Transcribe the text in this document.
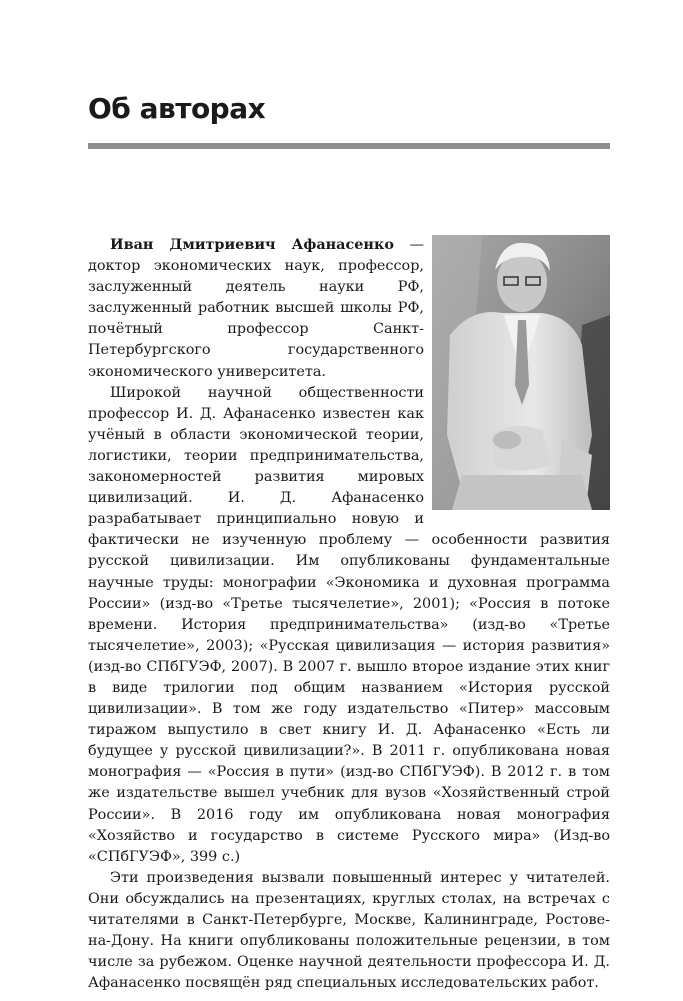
Об авторах

Иван Дмитриевич Афанасенко — доктор экономических наук, профессор, заслуженный деятель науки РФ, заслуженный работник высшей школы РФ, почётный профессор Санкт-Петербургского государственного экономического университета.

Широкой научной общественности профессор И. Д. Афанасенко известен как учёный в области экономической теории, логистики, теории предпринимательства, закономерностей развития мировых цивилизаций. И. Д. Афанасенко разрабатывает принципиально новую и фактически не изученную проблему — особенности развития русской цивилизации. Им опубликованы фундаментальные научные труды: монографии «Экономика и духовная программа России» (изд-во «Третье тысячелетие», 2001); «Россия в потоке времени. История предпринимательства» (изд-во «Третье тысячелетие», 2003); «Русская цивилизация — история развития» (изд-во СПбГУЭФ, 2007). В 2007 г. вышло второе издание этих книг в виде трилогии под общим названием «История русской цивилизации». В том же году издательство «Питер» массовым тиражом выпустило в свет книгу И. Д. Афанасенко «Есть ли будущее у русской цивилизации?». В 2011 г. опубликована новая монография — «Россия в пути» (изд-во СПбГУЭФ). В 2012 г. в том же издательстве вышел учебник для вузов «Хозяйственный строй России». В 2016 году им опубликована новая монография «Хозяйство и государство в системе Русского мира» (Изд-во «СПбГУЭФ», 399 с.)

Эти произведения вызвали повышенный интерес у читателей. Они обсуждались на презентациях, круглых столах, на встречах с читателями в Санкт-Петербурге, Москве, Калининграде, Ростове-на-Дону. На книги опубликованы положительные рецензии, в том числе за рубежом. Оценке научной деятельности профессора И. Д. Афанасенко посвящён ряд специальных исследовательских работ.
